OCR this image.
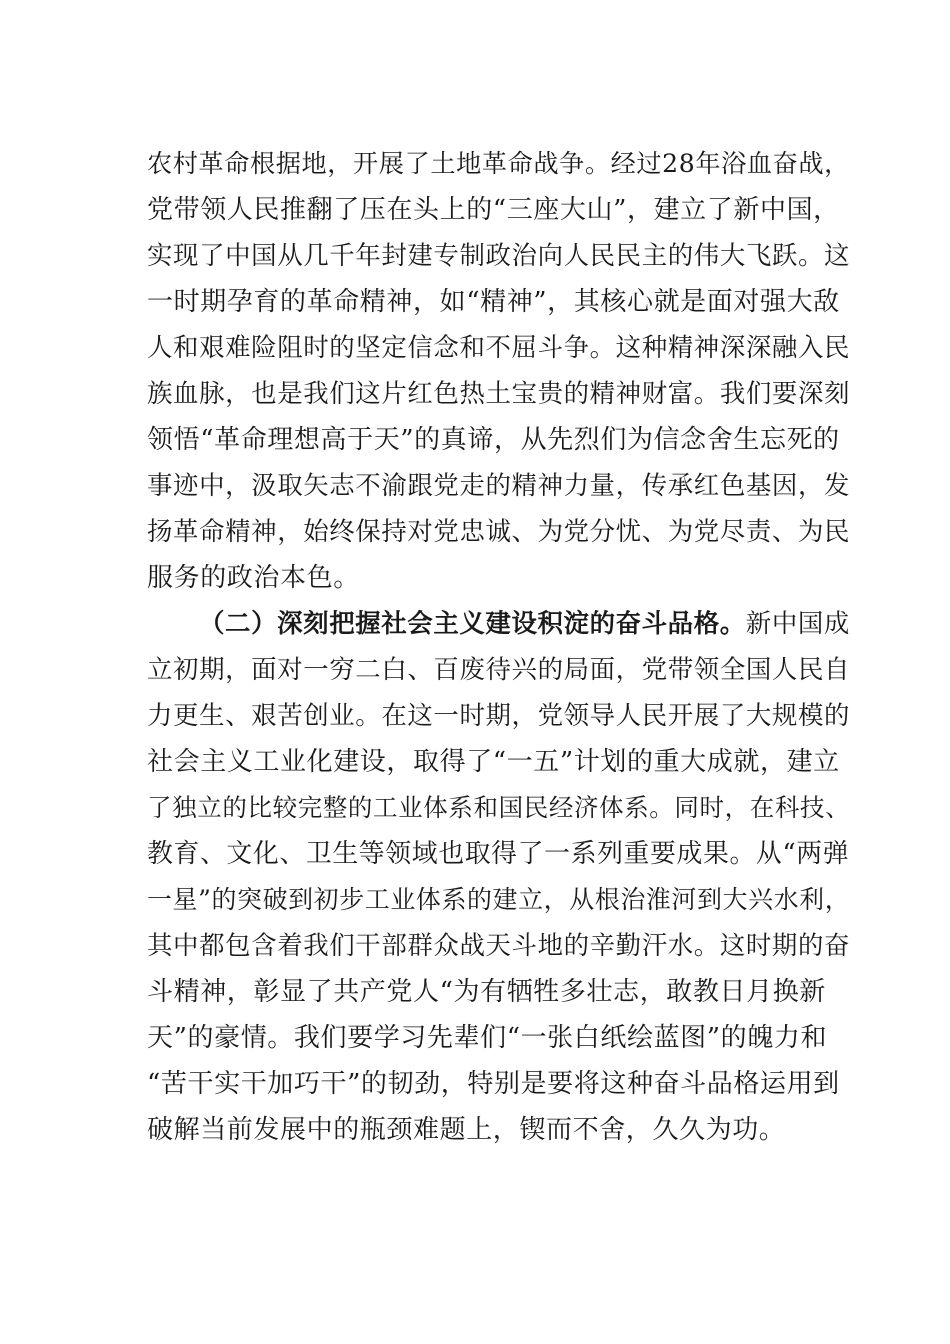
农村革命根据地，开展了土地革命战争。经过28年浴血奋战，
党带领人民推翻了压在头上的“三座大山”，建立了新中国，
实现了中国从几千年封建专制政治向人民民主的伟大飞跃。这
一时期孕育的革命精神，如“精神”，其核心就是面对强大敌
人和艰难险阻时的坚定信念和不屈斗争。这种精神深深融入民
族血脉，也是我们这片红色热土宝贵的精神财富。我们要深刻
领悟“革命理想高于天”的真谛，从先烈们为信念舍生忘死的
事迹中，汲取矢志不渝跟党走的精神力量，传承红色基因，发
扬革命精神，始终保持对党忠诚、为党分忧、为党尽责、为民
服务的政治本色。
（二）深刻把握社会主义建设积淀的奋斗品格。新中国成
立初期，面对一穷二白、百废待兴的局面，党带领全国人民自
力更生、艰苦创业。在这一时期，党领导人民开展了大规模的
社会主义工业化建设，取得了“一五”计划的重大成就，建立
了独立的比较完整的工业体系和国民经济体系。同时，在科技、
教育、文化、卫生等领域也取得了一系列重要成果。从“两弹
一星”的突破到初步工业体系的建立，从根治淮河到大兴水利，
其中都包含着我们干部群众战天斗地的辛勤汗水。这时期的奋
斗精神，彰显了共产党人“为有牺牲多壮志，敢教日月换新
天”的豪情。我们要学习先辈们“一张白纸绘蓝图”的魄力和
“苦干实干加巧干”的韧劲，特别是要将这种奋斗品格运用到
破解当前发展中的瓶颈难题上，锲而不舍，久久为功。
